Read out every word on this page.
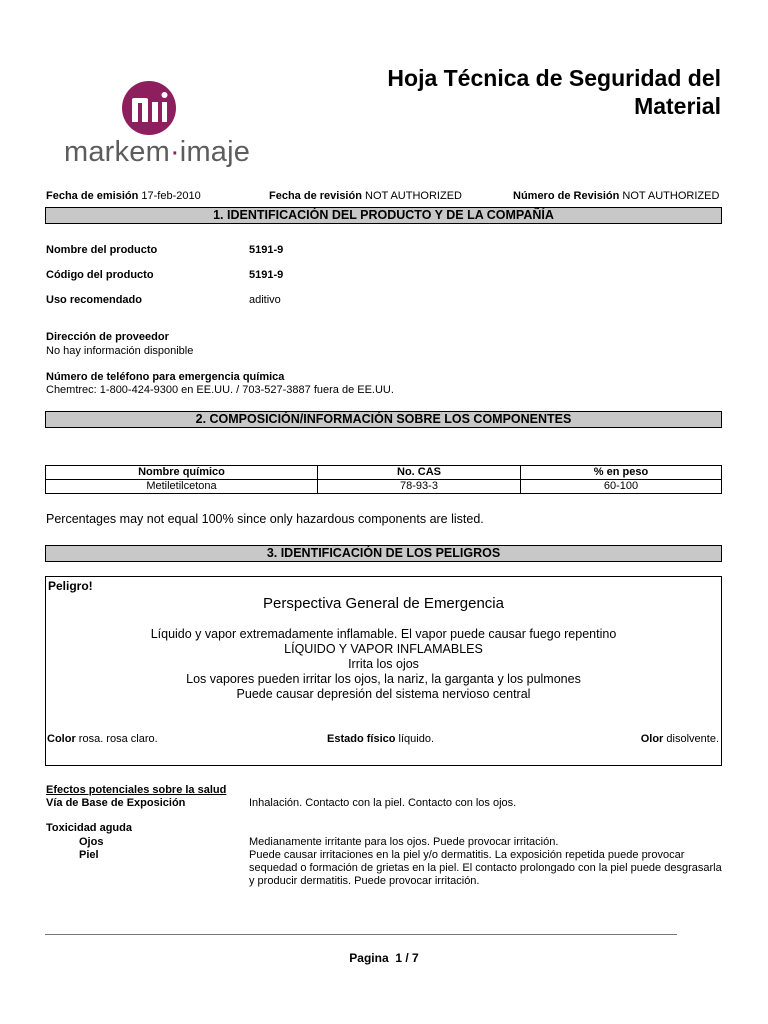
markem·imaje
Hoja Técnica de Seguridad del Material
Fecha de emisión 17-feb-2010	Fecha de revisión NOT AUTHORIZED	Número de Revisión NOT AUTHORIZED
1. IDENTIFICACIÓN DEL PRODUCTO Y DE LA COMPAÑÍA
Nombre del producto	5191-9
Código del producto	5191-9
Uso recomendado	aditivo
Dirección de proveedor
No hay información disponible
Número de teléfono para emergencia química
Chemtrec: 1-800-424-9300 en EE.UU. / 703-527-3887 fuera de EE.UU.
2. COMPOSICIÓN/INFORMACIÓN SOBRE LOS COMPONENTES
Nombre químico	No. CAS	% en peso
Metiletilcetona	78-93-3	60-100
Percentages may not equal 100% since only hazardous components are listed.
3. IDENTIFICACIÓN DE LOS PELIGROS
Peligro!
Perspectiva General de Emergencia
Líquido y vapor extremadamente inflamable. El vapor puede causar fuego repentino
LÍQUIDO Y VAPOR INFLAMABLES
Irrita los ojos
Los vapores pueden irritar los ojos, la nariz, la garganta y los pulmones
Puede causar depresión del sistema nervioso central
Color rosa. rosa claro.	Estado físico líquido.	Olor disolvente.
Efectos potenciales sobre la salud
Vía de Base de Exposición	Inhalación. Contacto con la piel. Contacto con los ojos.
Toxicidad aguda
Ojos	Medianamente irritante para los ojos. Puede provocar irritación.
Piel	Puede causar irritaciones en la piel y/o dermatitis. La exposición repetida puede provocar sequedad o formación de grietas en la piel. El contacto prolongado con la piel puede desgrasarla y producir dermatitis. Puede provocar irritación.
Pagina 1 / 7
